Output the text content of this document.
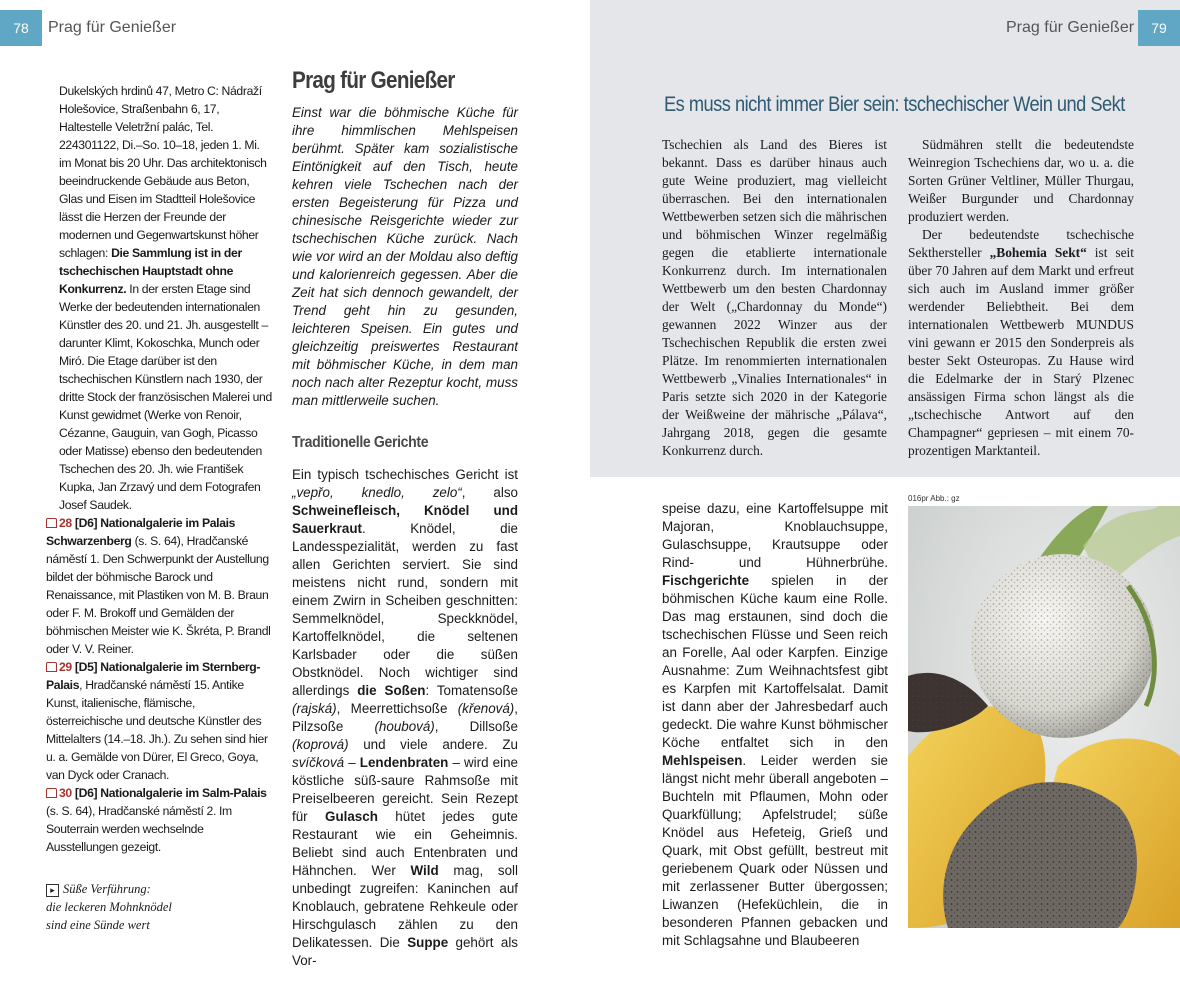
78	Prag für Genießer

Dukelských hrdinů 47, Metro C: Nádraží Holešovice, Straßenbahn 6, 17, Haltestelle Veletržní palác, Tel. 224301122, Di.–So. 10–18, jeden 1. Mi. im Monat bis 20 Uhr. Das architektonisch beeindruckende Gebäude aus Beton, Glas und Eisen im Stadtteil Holešovice lässt die Herzen der Freunde der modernen und Gegenwartskunst höher schlagen: Die Sammlung ist in der tschechischen Hauptstadt ohne Konkurrenz. In der ersten Etage sind Werke der bedeutenden internationalen Künstler des 20. und 21. Jh. ausgestellt – darunter Klimt, Kokoschka, Munch oder Miró. Die Etage darüber ist den tschechischen Künstlern nach 1930, der dritte Stock der französischen Malerei und Kunst gewidmet (Werke von Renoir, Cézanne, Gauguin, van Gogh, Picasso oder Matisse) ebenso den bedeutenden Tschechen des 20. Jh. wie František Kupka, Jan Zrzavý und dem Fotografen Josef Saudek.

28 [D6] Nationalgalerie im Palais Schwarzenberg (s. S. 64), Hradčanské náměstí 1. Den Schwerpunkt der Austellung bildet der böhmische Barock und Renaissance, mit Plastiken von M. B. Braun oder F. M. Brokoff und Gemälden der böhmischen Meister wie K. Škréta, P. Brandl oder V. V. Reiner.

29 [D5] Nationalgalerie im Sternberg-Palais, Hradčanské náměstí 15. Antike Kunst, italienische, flämische, österreichische und deutsche Künstler des Mittelalters (14.–18. Jh.). Zu sehen sind hier u. a. Gemälde von Dürer, El Greco, Goya, van Dyck oder Cranach.

30 [D6] Nationalgalerie im Salm-Palais (s. S. 64), Hradčanské náměstí 2. Im Souterrain werden wechselnde Ausstellungen gezeigt.

▸ Süße Verführung:
die leckeren Mohnknödel
sind eine Sünde wert
Prag für Genießer

Einst war die böhmische Küche für ihre himmlischen Mehlspeisen berühmt. Später kam sozialistische Eintönigkeit auf den Tisch, heute kehren viele Tschechen nach der ersten Begeisterung für Pizza und chinesische Reisgerichte wieder zur tschechischen Küche zurück. Nach wie vor wird an der Moldau also deftig und kalorienreich gegessen. Aber die Zeit hat sich dennoch gewandelt, der Trend geht hin zu gesunden, leichteren Speisen. Ein gutes und gleichzeitig preiswertes Restaurant mit böhmischer Küche, in dem man noch nach alter Rezeptur kocht, muss man mittlerweile suchen.

Traditionelle Gerichte

Ein typisch tschechisches Gericht ist „vepřo, knedlo, zelo“, also Schweinefleisch, Knödel und Sauerkraut. Knödel, die Landesspezialität, werden zu fast allen Gerichten serviert. Sie sind meistens nicht rund, sondern mit einem Zwirn in Scheiben geschnitten: Semmelknödel, Speckknödel, Kartoffelknödel, die seltenen Karlsbader oder die süßen Obstknödel. Noch wichtiger sind allerdings die Soßen: Tomatensoße (rajská), Meerrettichsoße (křenová), Pilzsoße (houbová), Dillsoße (koprová) und viele andere. Zu svíčková – Lendenbraten – wird eine köstliche süß-saure Rahmsoße mit Preiselbeeren gereicht. Sein Rezept für Gulasch hütet jedes gute Restaurant wie ein Geheimnis. Beliebt sind auch Entenbraten und Hähnchen. Wer Wild mag, soll unbedingt zugreifen: Kaninchen auf Knoblauch, gebratene Rehkeule oder Hirschgulasch zählen zu den Delikatessen. Die Suppe gehört als Vor-

Prag für Genießer	79
Es muss nicht immer Bier sein: tschechischer Wein und Sekt

Tschechien als Land des Bieres ist bekannt. Dass es darüber hinaus auch gute Weine produziert, mag vielleicht überraschen. Bei den internationalen Wettbewerben setzen sich die mährischen und böhmischen Winzer regelmäßig gegen die etablierte internationale Konkurrenz durch. Im internationalen Wettbewerb um den besten Chardonnay der Welt („Chardonnay du Monde“) gewannen 2022 Winzer aus der Tschechischen Republik die ersten zwei Plätze. Im renommierten internationalen Wettbewerb „Vinalies Internationales“ in Paris setzte sich 2020 in der Kategorie der Weißweine der mährische „Pálava“, Jahrgang 2018, gegen die gesamte Konkurrenz durch.

Südmähren stellt die bedeutendste Weinregion Tschechiens dar, wo u. a. die Sorten Grüner Veltliner, Müller Thurgau, Weißer Burgunder und Chardonnay produziert werden.

Der bedeutendste tschechische Sekthersteller „Bohemia Sekt“ ist seit über 70 Jahren auf dem Markt und erfreut sich auch im Ausland immer größer werdender Beliebtheit. Bei dem internationalen Wettbewerb MUNDUS vini gewann er 2015 den Sonderpreis als bester Sekt Osteuropas. Zu Hause wird die Edelmarke der in Starý Plzenec ansässigen Firma schon längst als die „tschechische Antwort auf den Champagner“ gepriesen – mit einem 70-prozentigen Marktanteil.

speise dazu, eine Kartoffelsuppe mit Majoran, Knoblauchsuppe, Gulaschsuppe, Krautsuppe oder Rind- und Hühnerbrühe. Fischgerichte spielen in der böhmischen Küche kaum eine Rolle. Das mag erstaunen, sind doch die tschechischen Flüsse und Seen reich an Forelle, Aal oder Karpfen. Einzige Ausnahme: Zum Weihnachtsfest gibt es Karpfen mit Kartoffelsalat. Damit ist dann aber der Jahresbedarf auch gedeckt. Die wahre Kunst böhmischer Köche entfaltet sich in den Mehlspeisen. Leider werden sie längst nicht mehr überall angeboten – Buchteln mit Pflaumen, Mohn oder Quarkfüllung; Apfelstrudel; süße Knödel aus Hefeteig, Grieß und Quark, mit Obst gefüllt, bestreut mit geriebenem Quark oder Nüssen und mit zerlassener Butter übergossen; Liwanzen (Hefeküchlein, die in besonderen Pfannen gebacken und mit Schlagsahne und Blaubeeren

016pr Abb.: gz
